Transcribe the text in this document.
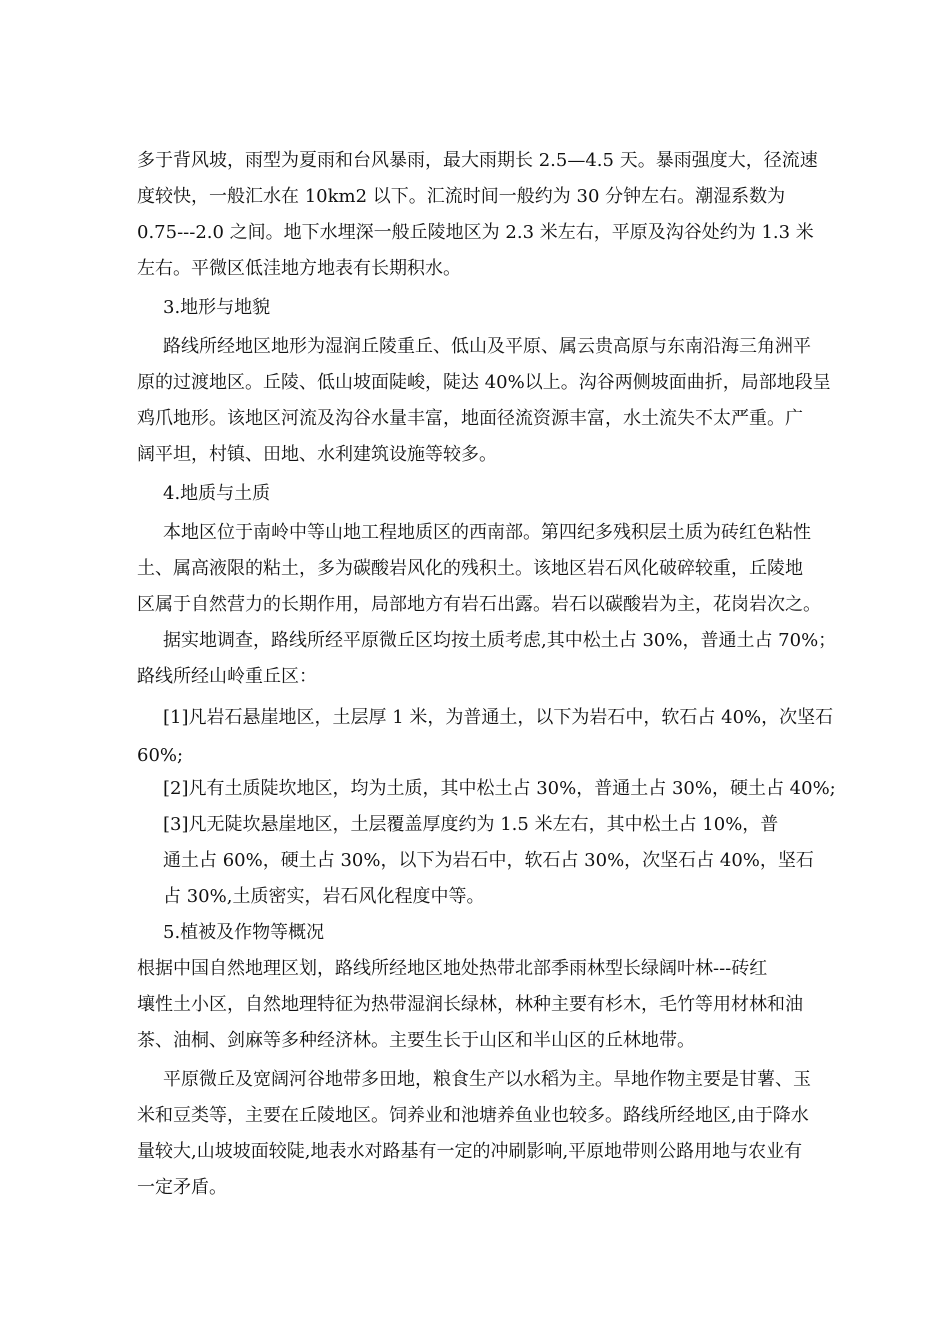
多于背风坡，雨型为夏雨和台风暴雨，最大雨期长 2.5—4.5 天。暴雨强度大，径流速

度较快，一般汇水在 10km2 以下。汇流时间一般约为 30 分钟左右。潮湿系数为

0.75---2.0 之间。地下水埋深一般丘陵地区为 2.3 米左右，平原及沟谷处约为 1.3 米

左右。平微区低洼地方地表有长期积水。

3.地形与地貌

路线所经地区地形为湿润丘陵重丘、低山及平原、属云贵高原与东南沿海三角洲平

原的过渡地区。丘陵、低山坡面陡峻，陡达 40%以上。沟谷两侧坡面曲折，局部地段呈

鸡爪地形。该地区河流及沟谷水量丰富，地面径流资源丰富，水土流失不太严重。广

阔平坦，村镇、田地、水利建筑设施等较多。

4.地质与土质

本地区位于南岭中等山地工程地质区的西南部。第四纪多残积层土质为砖红色粘性

土、属高液限的粘土，多为碳酸岩风化的残积土。该地区岩石风化破碎较重，丘陵地

区属于自然营力的长期作用，局部地方有岩石出露。岩石以碳酸岩为主，花岗岩次之。

据实地调查，路线所经平原微丘区均按土质考虑,其中松土占 30%，普通土占 70%；

路线所经山岭重丘区：

[1]凡岩石悬崖地区，土层厚 1 米，为普通土，以下为岩石中，软石占 40%，次坚石

60%;

[2]凡有土质陡坎地区，均为土质，其中松土占 30%，普通土占 30%，硬土占 40%;

[3]凡无陡坎悬崖地区，土层覆盖厚度约为 1.5 米左右，其中松土占 10%，普

通土占 60%，硬土占 30%，以下为岩石中，软石占 30%，次坚石占 40%，坚石

占 30%,土质密实，岩石风化程度中等。

5.植被及作物等概况

根据中国自然地理区划，路线所经地区地处热带北部季雨林型长绿阔叶林---砖红

壤性土小区，自然地理特征为热带湿润长绿林，林种主要有杉木，毛竹等用材林和油

茶、油桐、剑麻等多种经济林。主要生长于山区和半山区的丘林地带。

平原微丘及宽阔河谷地带多田地，粮食生产以水稻为主。旱地作物主要是甘薯、玉

米和豆类等，主要在丘陵地区。饲养业和池塘养鱼业也较多。路线所经地区,由于降水

量较大,山坡坡面较陡,地表水对路基有一定的冲刷影响,平原地带则公路用地与农业有

一定矛盾。
